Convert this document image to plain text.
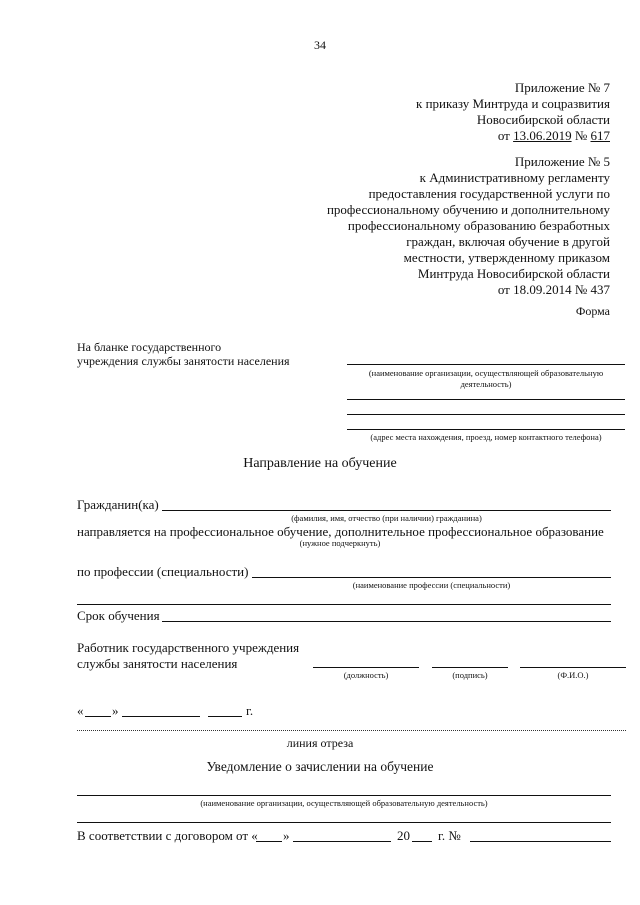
34
Приложение № 7
к приказу Минтруда и соцразвития
Новосибирской области
от 13.06.2019 № 617
Приложение № 5
к Административному регламенту
предоставления государственной услуги по
профессиональному обучению и дополнительному
профессиональному образованию безработных
граждан, включая обучение в другой
местности, утвержденному приказом
Минтруда Новосибирской области
от 18.09.2014 № 437
Форма
На бланке государственного
учреждения службы занятости населения
(наименование организации, осуществляющей образовательную деятельность)
(адрес места нахождения, проезд, номер контактного телефона)
Направление на обучение
Гражданин(ка)
(фамилия, имя, отчество (при наличии) гражданина)
направляется на профессиональное обучение, дополнительное профессиональное образование
(нужное подчеркнуть)
по профессии (специальности)
(наименование профессии (специальности)
Срок обучения
Работник государственного учреждения
службы занятости населения
(должность)	(подпись)	(Ф.И.О.)
« »	г.
линия отреза
Уведомление о зачислении на обучение
(наименование организации, осуществляющей образовательную деятельность)
В соответствии с договором от « »	20 г. №
